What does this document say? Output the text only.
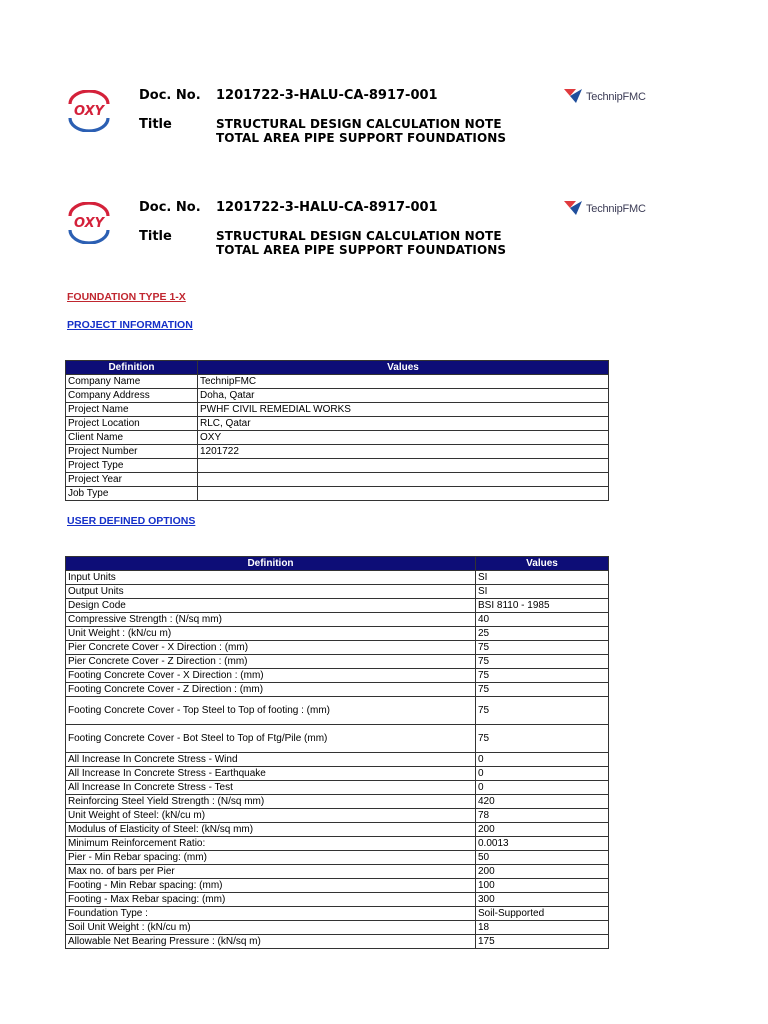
OXY
Doc. No. 1201722-3-HALU-CA-8917-001
Title	STRUCTURAL DESIGN CALCULATION NOTE
TOTAL AREA PIPE SUPPORT FOUNDATIONS
TechnipFMC
OXY
Doc. No. 1201722-3-HALU-CA-8917-001
Title	STRUCTURAL DESIGN CALCULATION NOTE
TOTAL AREA PIPE SUPPORT FOUNDATIONS
TechnipFMC
FOUNDATION TYPE 1-X
PROJECT INFORMATION
Definition	Values
Company Name	TechnipFMC
Company Address	Doha, Qatar
Project Name	PWHF CIVIL REMEDIAL WORKS
Project Location	RLC, Qatar
Client Name	OXY
Project Number	1201722
Project Type	
Project Year	
Job Type	
USER DEFINED OPTIONS
Definition	Values
Input Units	SI
Output Units	SI
Design Code	BSI 8110 - 1985
Compressive Strength : (N/sq mm)	40
Unit Weight : (kN/cu m)	25
Pier Concrete Cover - X Direction : (mm)	75
Pier Concrete Cover - Z Direction : (mm)	75
Footing Concrete Cover - X Direction : (mm)	75
Footing Concrete Cover - Z Direction : (mm)	75
Footing Concrete Cover - Top Steel to Top of footing : (mm)	75
Footing Concrete Cover - Bot Steel to Top of Ftg/Pile (mm)	75
All Increase In Concrete Stress - Wind	0
All Increase In Concrete Stress - Earthquake	0
All Increase In Concrete Stress - Test	0
Reinforcing Steel Yield Strength : (N/sq mm)	420
Unit Weight of Steel: (kN/cu m)	78
Modulus of Elasticity of Steel: (kN/sq mm)	200
Minimum Reinforcement Ratio:	0.0013
Pier - Min Rebar spacing: (mm)	50
Max no. of bars per Pier	200
Footing - Min Rebar spacing: (mm)	100
Footing - Max Rebar spacing: (mm)	300
Foundation Type :	Soil-Supported
Soil Unit Weight : (kN/cu m)	18
Allowable Net Bearing Pressure : (kN/sq m)	175
